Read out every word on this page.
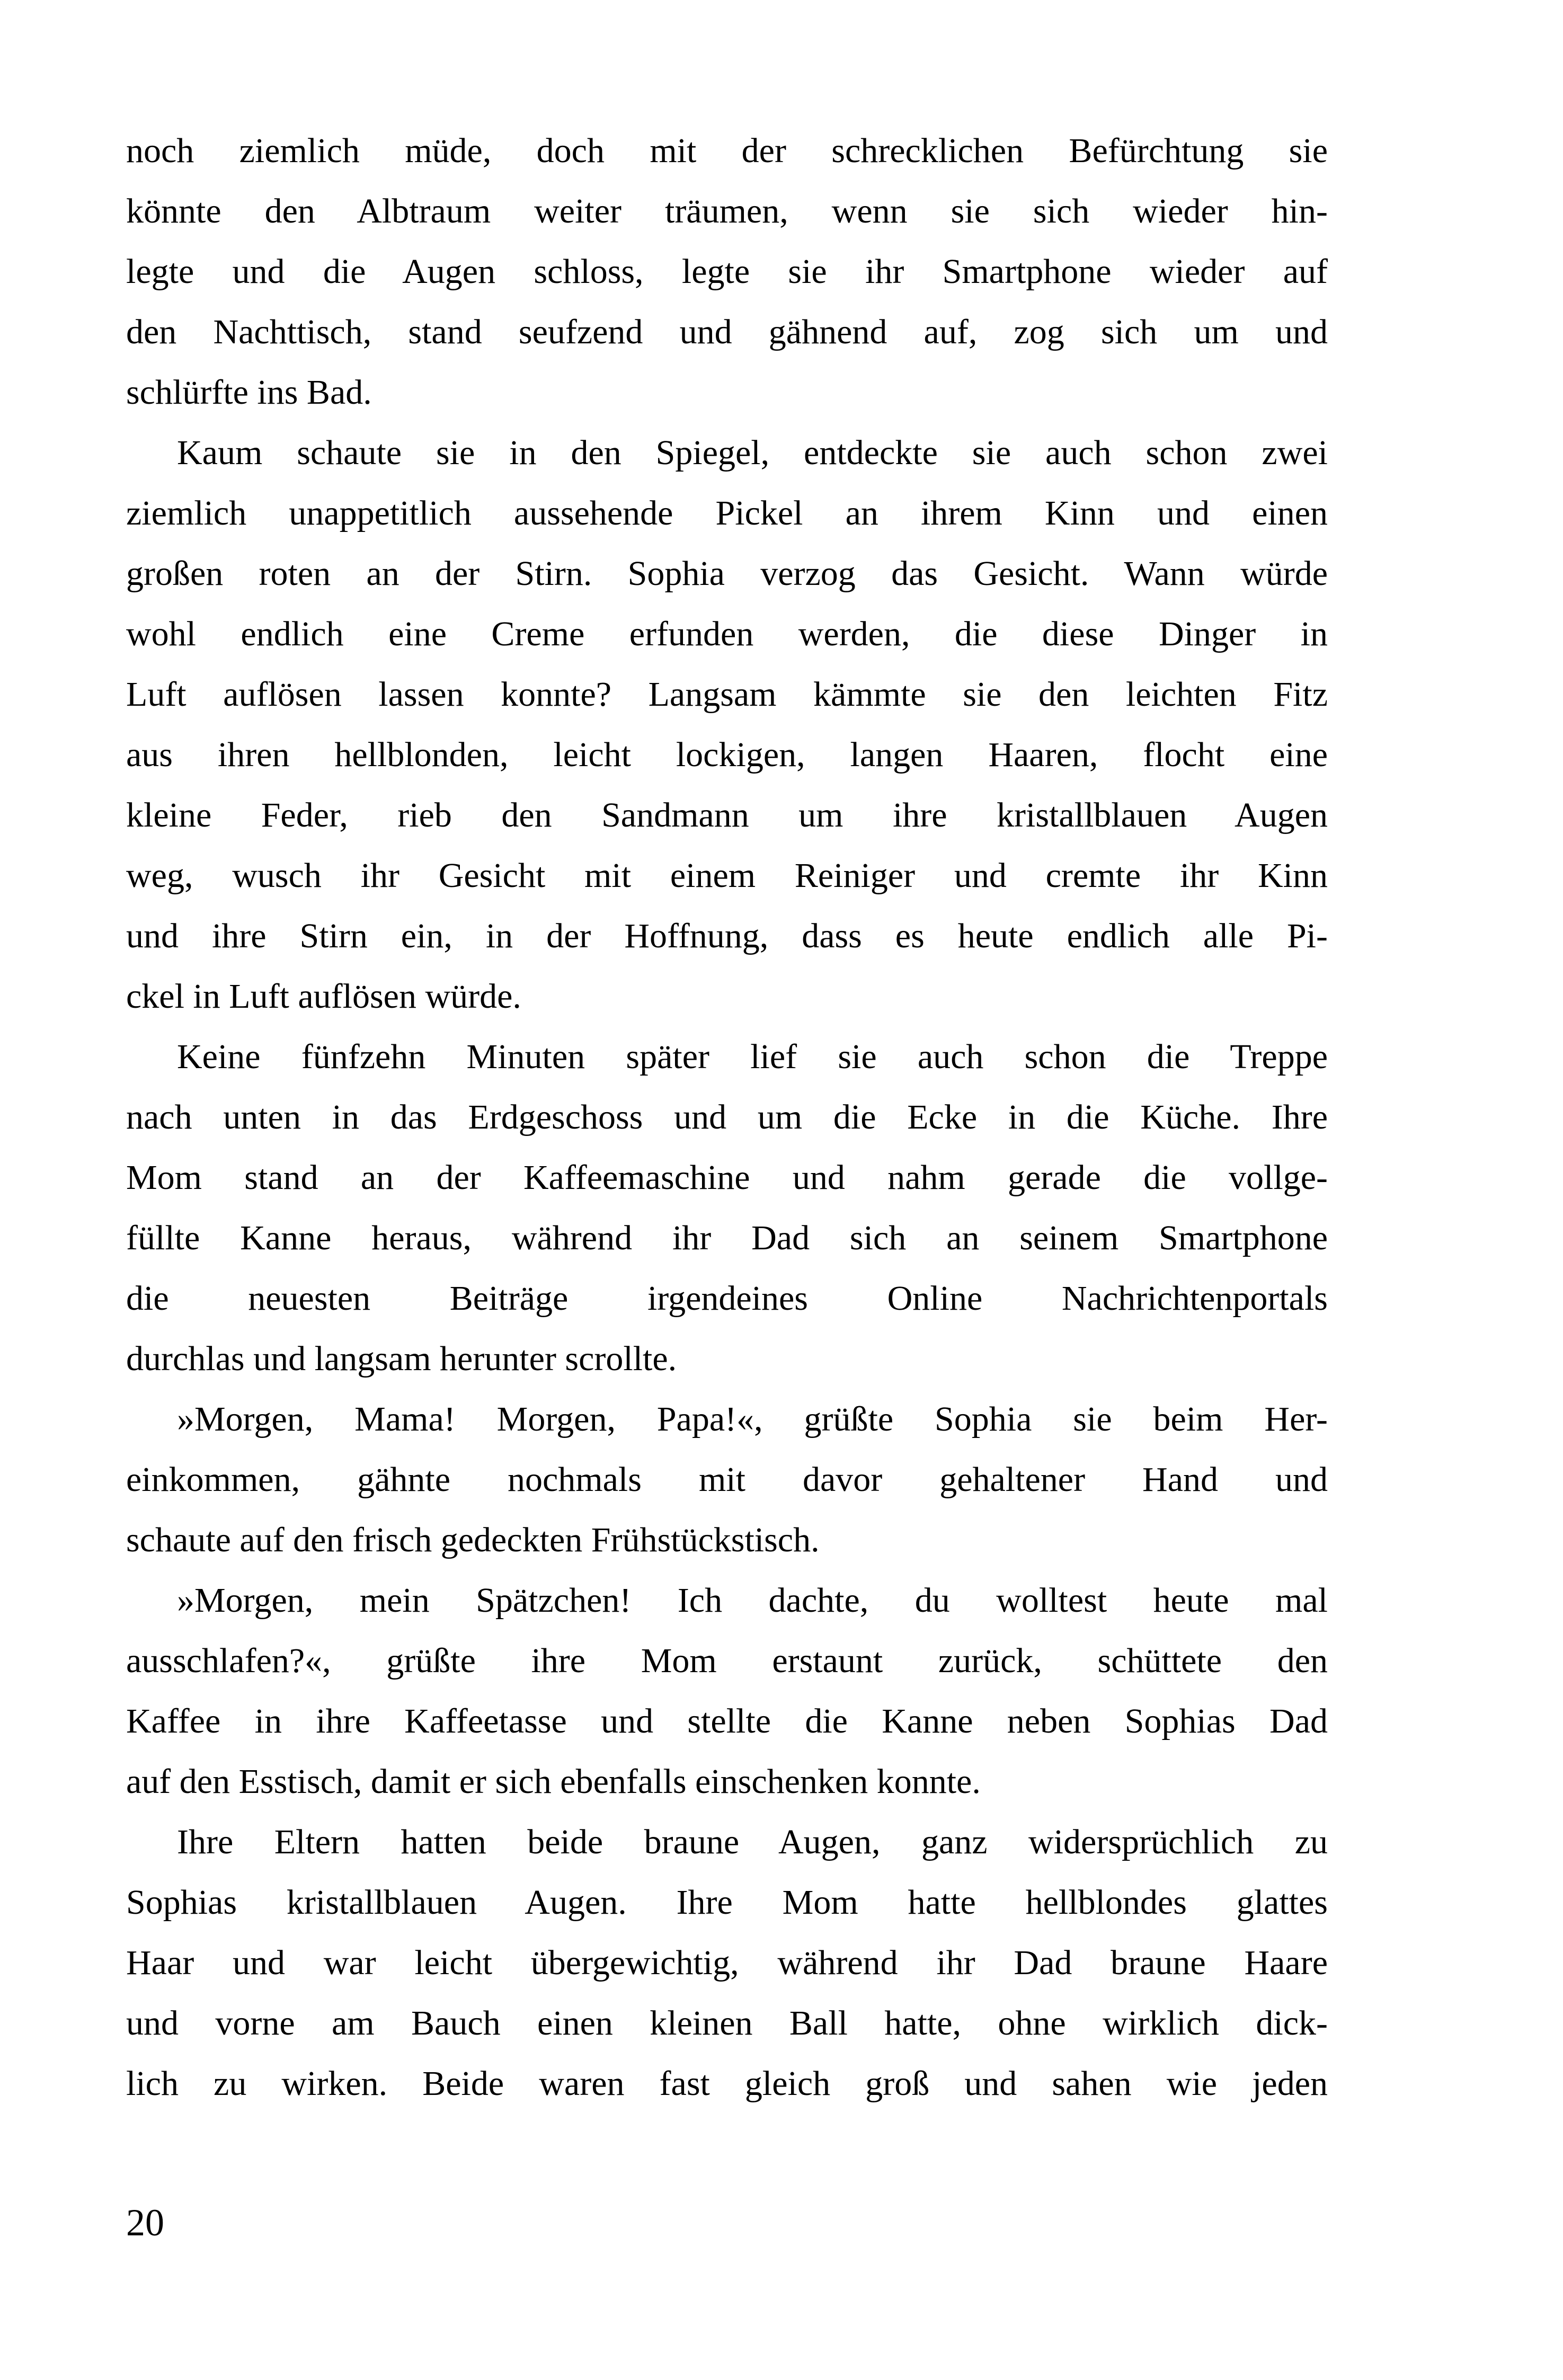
noch ziemlich müde, doch mit der schrecklichen Befürchtung sie
könnte den Albtraum weiter träumen, wenn sie sich wieder hin-
legte und die Augen schloss, legte sie ihr Smartphone wieder auf
den Nachttisch, stand seufzend und gähnend auf, zog sich um und
schlürfte ins Bad.

Kaum schaute sie in den Spiegel, entdeckte sie auch schon zwei
ziemlich unappetitlich aussehende Pickel an ihrem Kinn und einen
großen roten an der Stirn. Sophia verzog das Gesicht. Wann würde
wohl endlich eine Creme erfunden werden, die diese Dinger in
Luft auflösen lassen konnte? Langsam kämmte sie den leichten Fitz
aus ihren hellblonden, leicht lockigen, langen Haaren, flocht eine
kleine Feder, rieb den Sandmann um ihre kristallblauen Augen
weg, wusch ihr Gesicht mit einem Reiniger und cremte ihr Kinn
und ihre Stirn ein, in der Hoffnung, dass es heute endlich alle Pi-
ckel in Luft auflösen würde.

Keine fünfzehn Minuten später lief sie auch schon die Treppe
nach unten in das Erdgeschoss und um die Ecke in die Küche. Ihre
Mom stand an der Kaffeemaschine und nahm gerade die vollge-
füllte Kanne heraus, während ihr Dad sich an seinem Smartphone
die neuesten Beiträge irgendeines Online Nachrichtenportals
durchlas und langsam herunter scrollte.

»Morgen, Mama! Morgen, Papa!«, grüßte Sophia sie beim Her-
einkommen, gähnte nochmals mit davor gehaltener Hand und
schaute auf den frisch gedeckten Frühstückstisch.

»Morgen, mein Spätzchen! Ich dachte, du wolltest heute mal
ausschlafen?«, grüßte ihre Mom erstaunt zurück, schüttete den
Kaffee in ihre Kaffeetasse und stellte die Kanne neben Sophias Dad
auf den Esstisch, damit er sich ebenfalls einschenken konnte.

Ihre Eltern hatten beide braune Augen, ganz widersprüchlich zu
Sophias kristallblauen Augen. Ihre Mom hatte hellblondes glattes
Haar und war leicht übergewichtig, während ihr Dad braune Haare
und vorne am Bauch einen kleinen Ball hatte, ohne wirklich dick-
lich zu wirken. Beide waren fast gleich groß und sahen wie jeden

20
